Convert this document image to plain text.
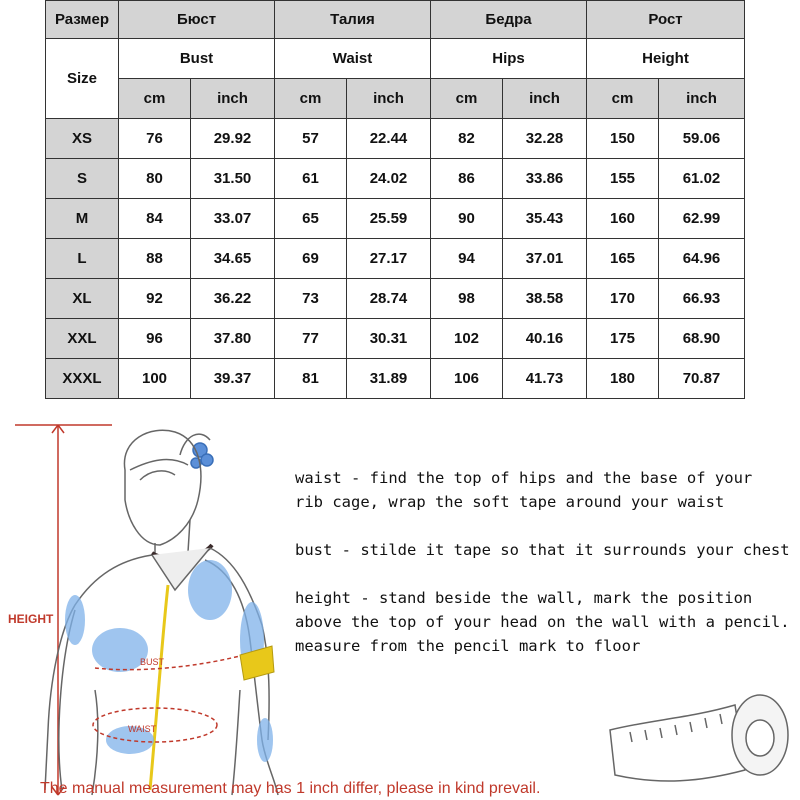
Размер	Бюст		Талия		Бедра		Рост	
Size	Bust		Waist		Hips		Height	
	cm	inch	cm	inch	cm	inch	cm	inch
XS	76	29.92	57	22.44	82	32.28	150	59.06
S	80	31.50	61	24.02	86	33.86	155	61.02
M	84	33.07	65	25.59	90	35.43	160	62.99
L	88	34.65	69	27.17	94	37.01	165	64.96
XL	92	36.22	73	28.74	98	38.58	170	66.93
XXL	96	37.80	77	30.31	102	40.16	175	68.90
XXXL	100	39.37	81	31.89	106	41.73	180	70.87
HEIGHT
BUST
WAIST

waist - find the top of hips and the base of your
rib cage, wrap the soft tape around your waist

bust - stilde it tape so that it surrounds your chest

height - stand beside the wall, mark the position
above the top of your head on the wall with a pencil.
measure from the pencil mark to floor

The manual measurement may has 1 inch differ, please in kind prevail.
